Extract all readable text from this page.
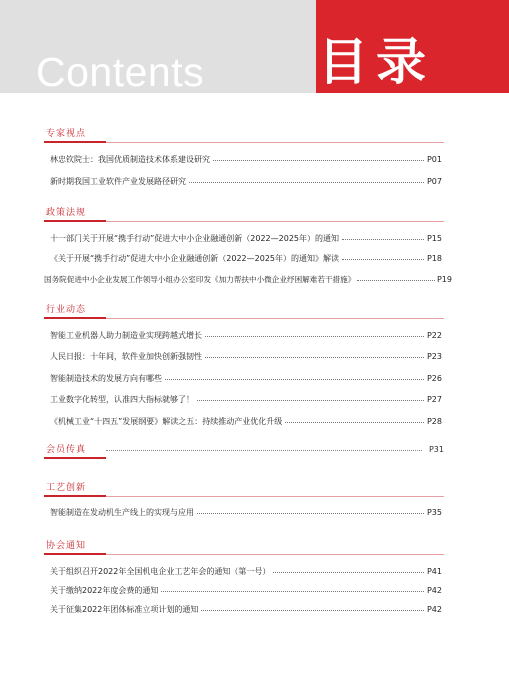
Contents 目录
专家视点
林忠钦院士：我国优质制造技术体系建设研究	P01
新时期我国工业软件产业发展路径研究	P07
政策法规
十一部门关于开展“携手行动”促进大中小企业融通创新（2022—2025年）的通知	P15
《关于开展“携手行动”促进大中小企业融通创新（2022—2025年）的通知》解读	P18
国务院促进中小企业发展工作领导小组办公室印发《加力帮扶中小微企业纾困解难若干措施》	P19
行业动态
智能工业机器人助力制造业实现跨越式增长	P22
人民日报：十年间，软件业加快创新强韧性	P23
智能制造技术的发展方向有哪些	P26
工业数字化转型，认准四大指标就够了！	P27
《机械工业“十四五”发展纲要》解读之五：持续推动产业优化升级	P28
会员传真	P31
工艺创新
智能制造在发动机生产线上的实现与应用	P35
协会通知
关于组织召开2022年全国机电企业工艺年会的通知（第一号）	P41
关于缴纳2022年度会费的通知	P42
关于征集2022年团体标准立项计划的通知	P42
